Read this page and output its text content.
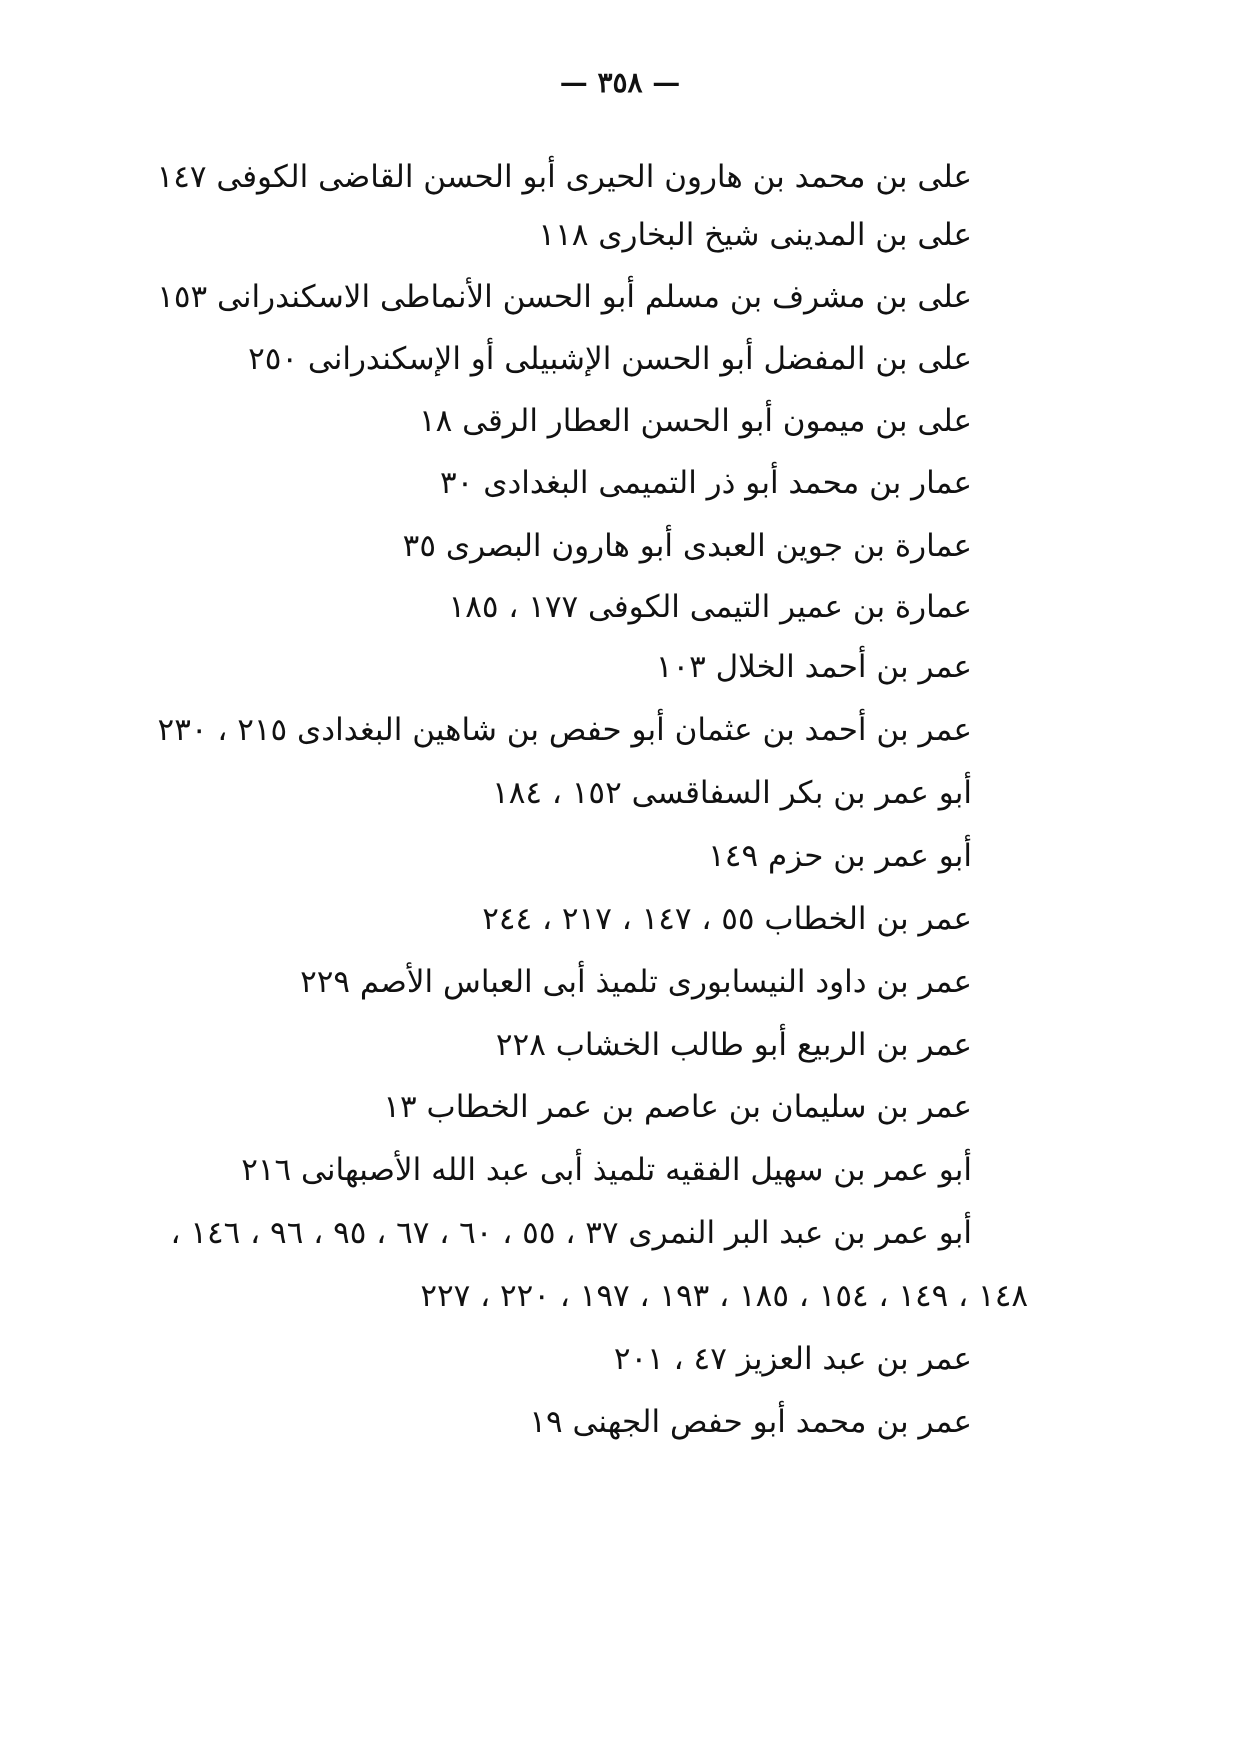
— ٣٥٨ —
على بن محمد بن هارون الحيرى أبو الحسن القاضى الكوفى ١٤٧
على بن المدينى شيخ البخارى ١١٨
على بن مشرف بن مسلم أبو الحسن الأنماطى الاسكندرانى ١٥٣
على بن المفضل أبو الحسن الإشبيلى أو الإسكندرانى ٢٥٠
على بن ميمون أبو الحسن العطار الرقى ١٨
عمار بن محمد أبو ذر التميمى البغدادى ٣٠
عمارة بن جوين العبدى أبو هارون البصرى ٣٥
عمارة بن عمير التيمى الكوفى ١٧٧ ، ١٨٥
عمر بن أحمد الخلال ١٠٣
عمر بن أحمد بن عثمان أبو حفص بن شاهين البغدادى ٢١٥ ، ٢٣٠
أبو عمر بن بكر السفاقسى ١٥٢ ، ١٨٤
أبو عمر بن حزم ١٤٩
عمر بن الخطاب ٥٥ ، ١٤٧ ، ٢١٧ ، ٢٤٤
عمر بن داود النيسابورى تلميذ أبى العباس الأصم ٢٢٩
عمر بن الربيع أبو طالب الخشاب ٢٢٨
عمر بن سليمان بن عاصم بن عمر الخطاب ١٣
أبو عمر بن سهيل الفقيه تلميذ أبى عبد الله الأصبهانى ٢١٦
أبو عمر بن عبد البر النمرى ٣٧ ، ٥٥ ، ٦٠ ، ٦٧ ، ٩٥ ، ٩٦ ، ١٤٦ ،
١٤٨ ، ١٤٩ ، ١٥٤ ، ١٨٥ ، ١٩٣ ، ١٩٧ ، ٢٢٠ ، ٢٢٧
عمر بن عبد العزيز ٤٧ ، ٢٠١
عمر بن محمد أبو حفص الجهنى ١٩
